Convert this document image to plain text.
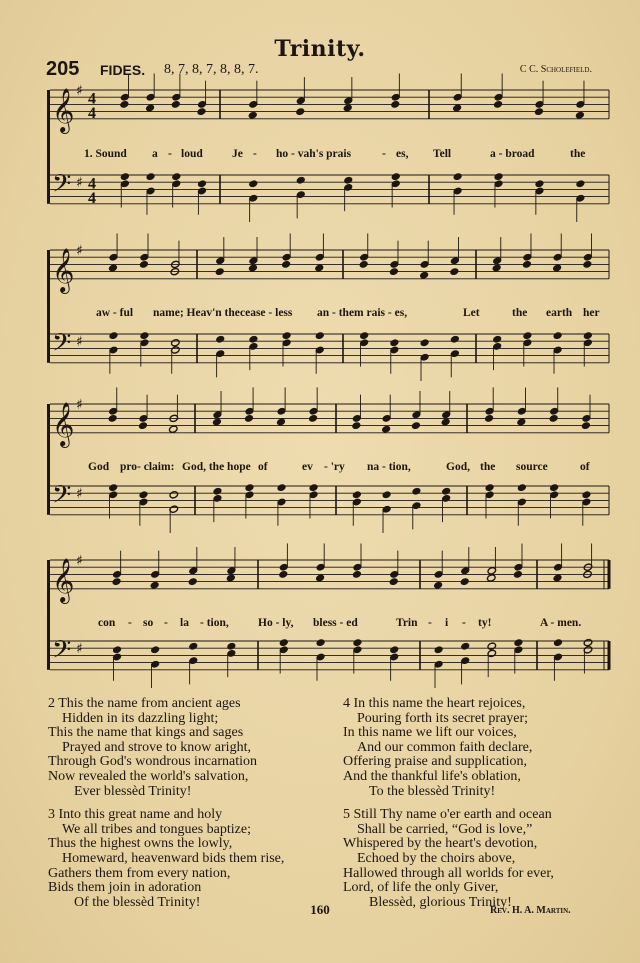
Trinity.
205 FIDES. 8, 7, 8, 7, 8, 8, 7.	C C. Scholefield.
𝄞
𝄢
♯
♯
4
4
4
4
𝄞
𝄢
♯
♯
𝄞
𝄢
♯
♯
𝄞
𝄢
♯
♯
1. Sound a - loud	Je - ho - vah's prais	- es, Tell	a - broad	the
aw - ful name; Heav'n the cease - less an - them rais - es,	Let	the earth her
God pro- claim: God, the hope of	ev - 'ry na - tion,	God, the source	of
con - so - la - tion,	Ho - ly, bless - ed	Trin - i - ty!	A - men.
2 This the name from ancient ages
Hidden in its dazzling light;
This the name that kings and sages
Prayed and strove to know aright,
Through God's wondrous incarnation
Now revealed the world's salvation,
Ever blessèd Trinity!
3 Into this great name and holy
We all tribes and tongues baptize;
Thus the highest owns the lowly,
Homeward, heavenward bids them rise,
Gathers them from every nation,
Bids them join in adoration
Of the blessèd Trinity!
4 In this name the heart rejoices,
Pouring forth its secret prayer;
In this name we lift our voices,
And our common faith declare,
Offering praise and supplication,
And the thankful life's oblation,
To the blessèd Trinity!
5 Still Thy name o'er earth and ocean
Shall be carried, “God is love,”
Whispered by the heart's devotion,
Echoed by the choirs above,
Hallowed through all worlds for ever,
Lord, of life the only Giver,
Blessèd, glorious Trinity!
160	Rev. H. A. Martin.
